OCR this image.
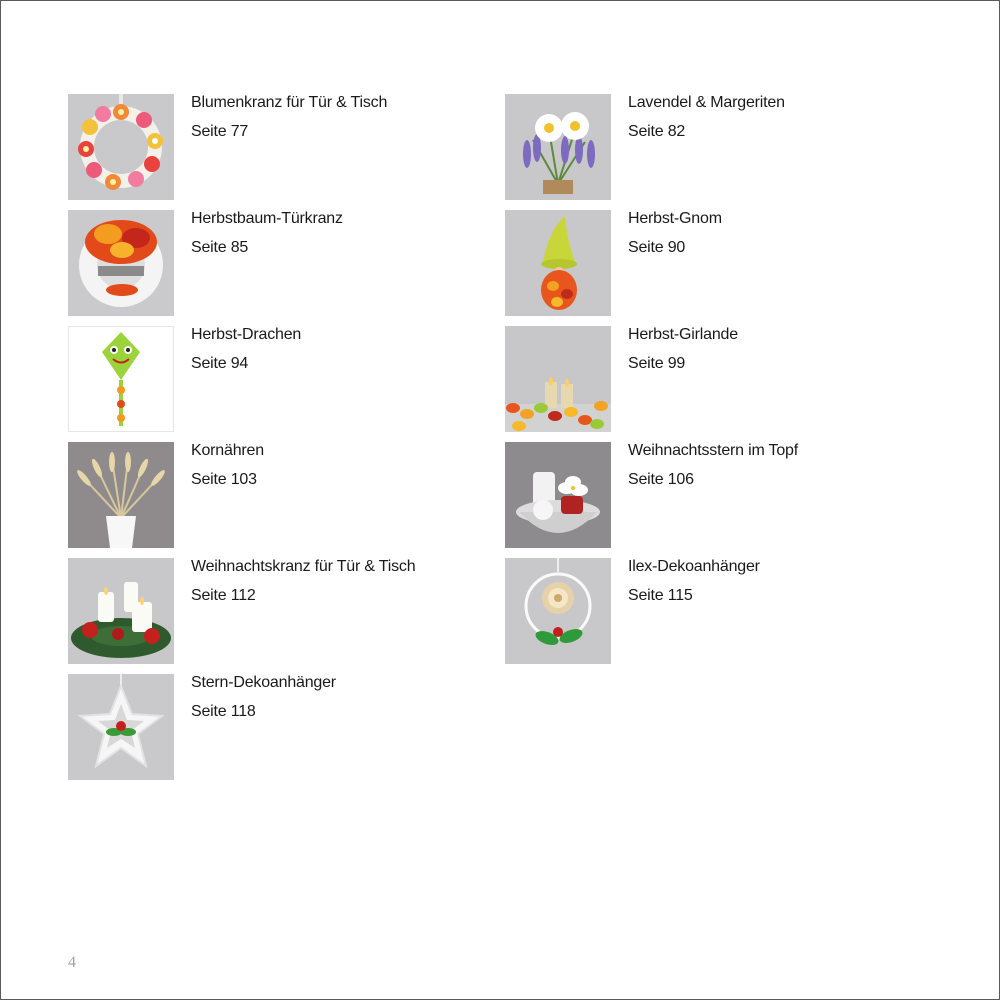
Blumenkranz für Tür & Tisch
Seite 77
Herbstbaum-Türkranz
Seite 85
Herbst-Drachen
Seite 94
Kornähren
Seite 103
Weihnachtskranz für Tür & Tisch
Seite 112
Stern-Dekoanhänger
Seite 118
Lavendel & Margeriten
Seite 82
Herbst-Gnom
Seite 90
Herbst-Girlande
Seite 99
Weihnachtsstern im Topf
Seite 106
Ilex-Dekoanhänger
Seite 115
4
